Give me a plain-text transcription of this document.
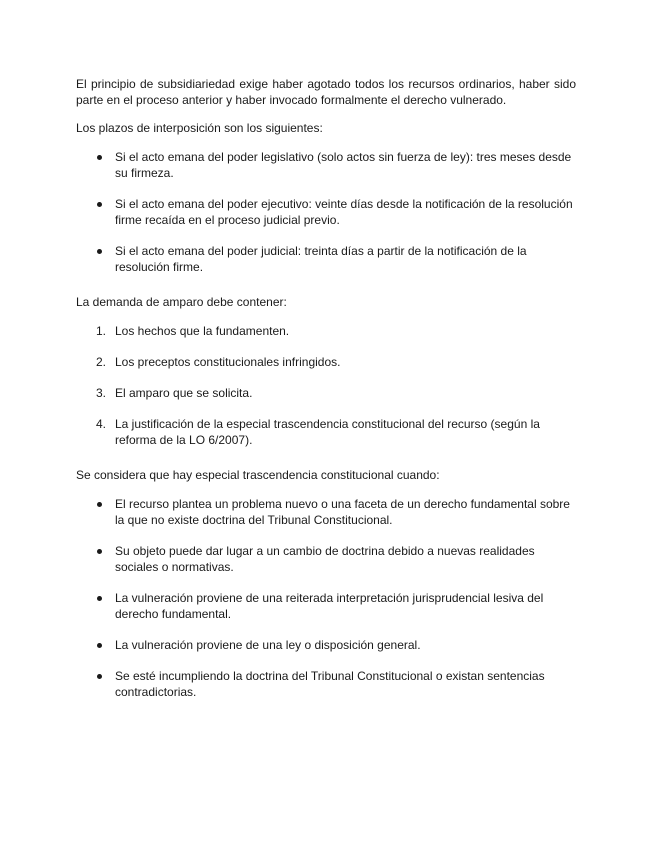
El principio de subsidiariedad exige haber agotado todos los recursos ordinarios, haber sido parte en el proceso anterior y haber invocado formalmente el derecho vulnerado.

Los plazos de interposición son los siguientes:

Si el acto emana del poder legislativo (solo actos sin fuerza de ley): tres meses desde su firmeza.
Si el acto emana del poder ejecutivo: veinte días desde la notificación de la resolución firme recaída en el proceso judicial previo.
Si el acto emana del poder judicial: treinta días a partir de la notificación de la resolución firme.

La demanda de amparo debe contener:

1. Los hechos que la fundamenten.
2. Los preceptos constitucionales infringidos.
3. El amparo que se solicita.
4. La justificación de la especial trascendencia constitucional del recurso (según la reforma de la LO 6/2007).

Se considera que hay especial trascendencia constitucional cuando:

El recurso plantea un problema nuevo o una faceta de un derecho fundamental sobre la que no existe doctrina del Tribunal Constitucional.
Su objeto puede dar lugar a un cambio de doctrina debido a nuevas realidades sociales o normativas.
La vulneración proviene de una reiterada interpretación jurisprudencial lesiva del derecho fundamental.
La vulneración proviene de una ley o disposición general.
Se esté incumpliendo la doctrina del Tribunal Constitucional o existan sentencias contradictorias.
